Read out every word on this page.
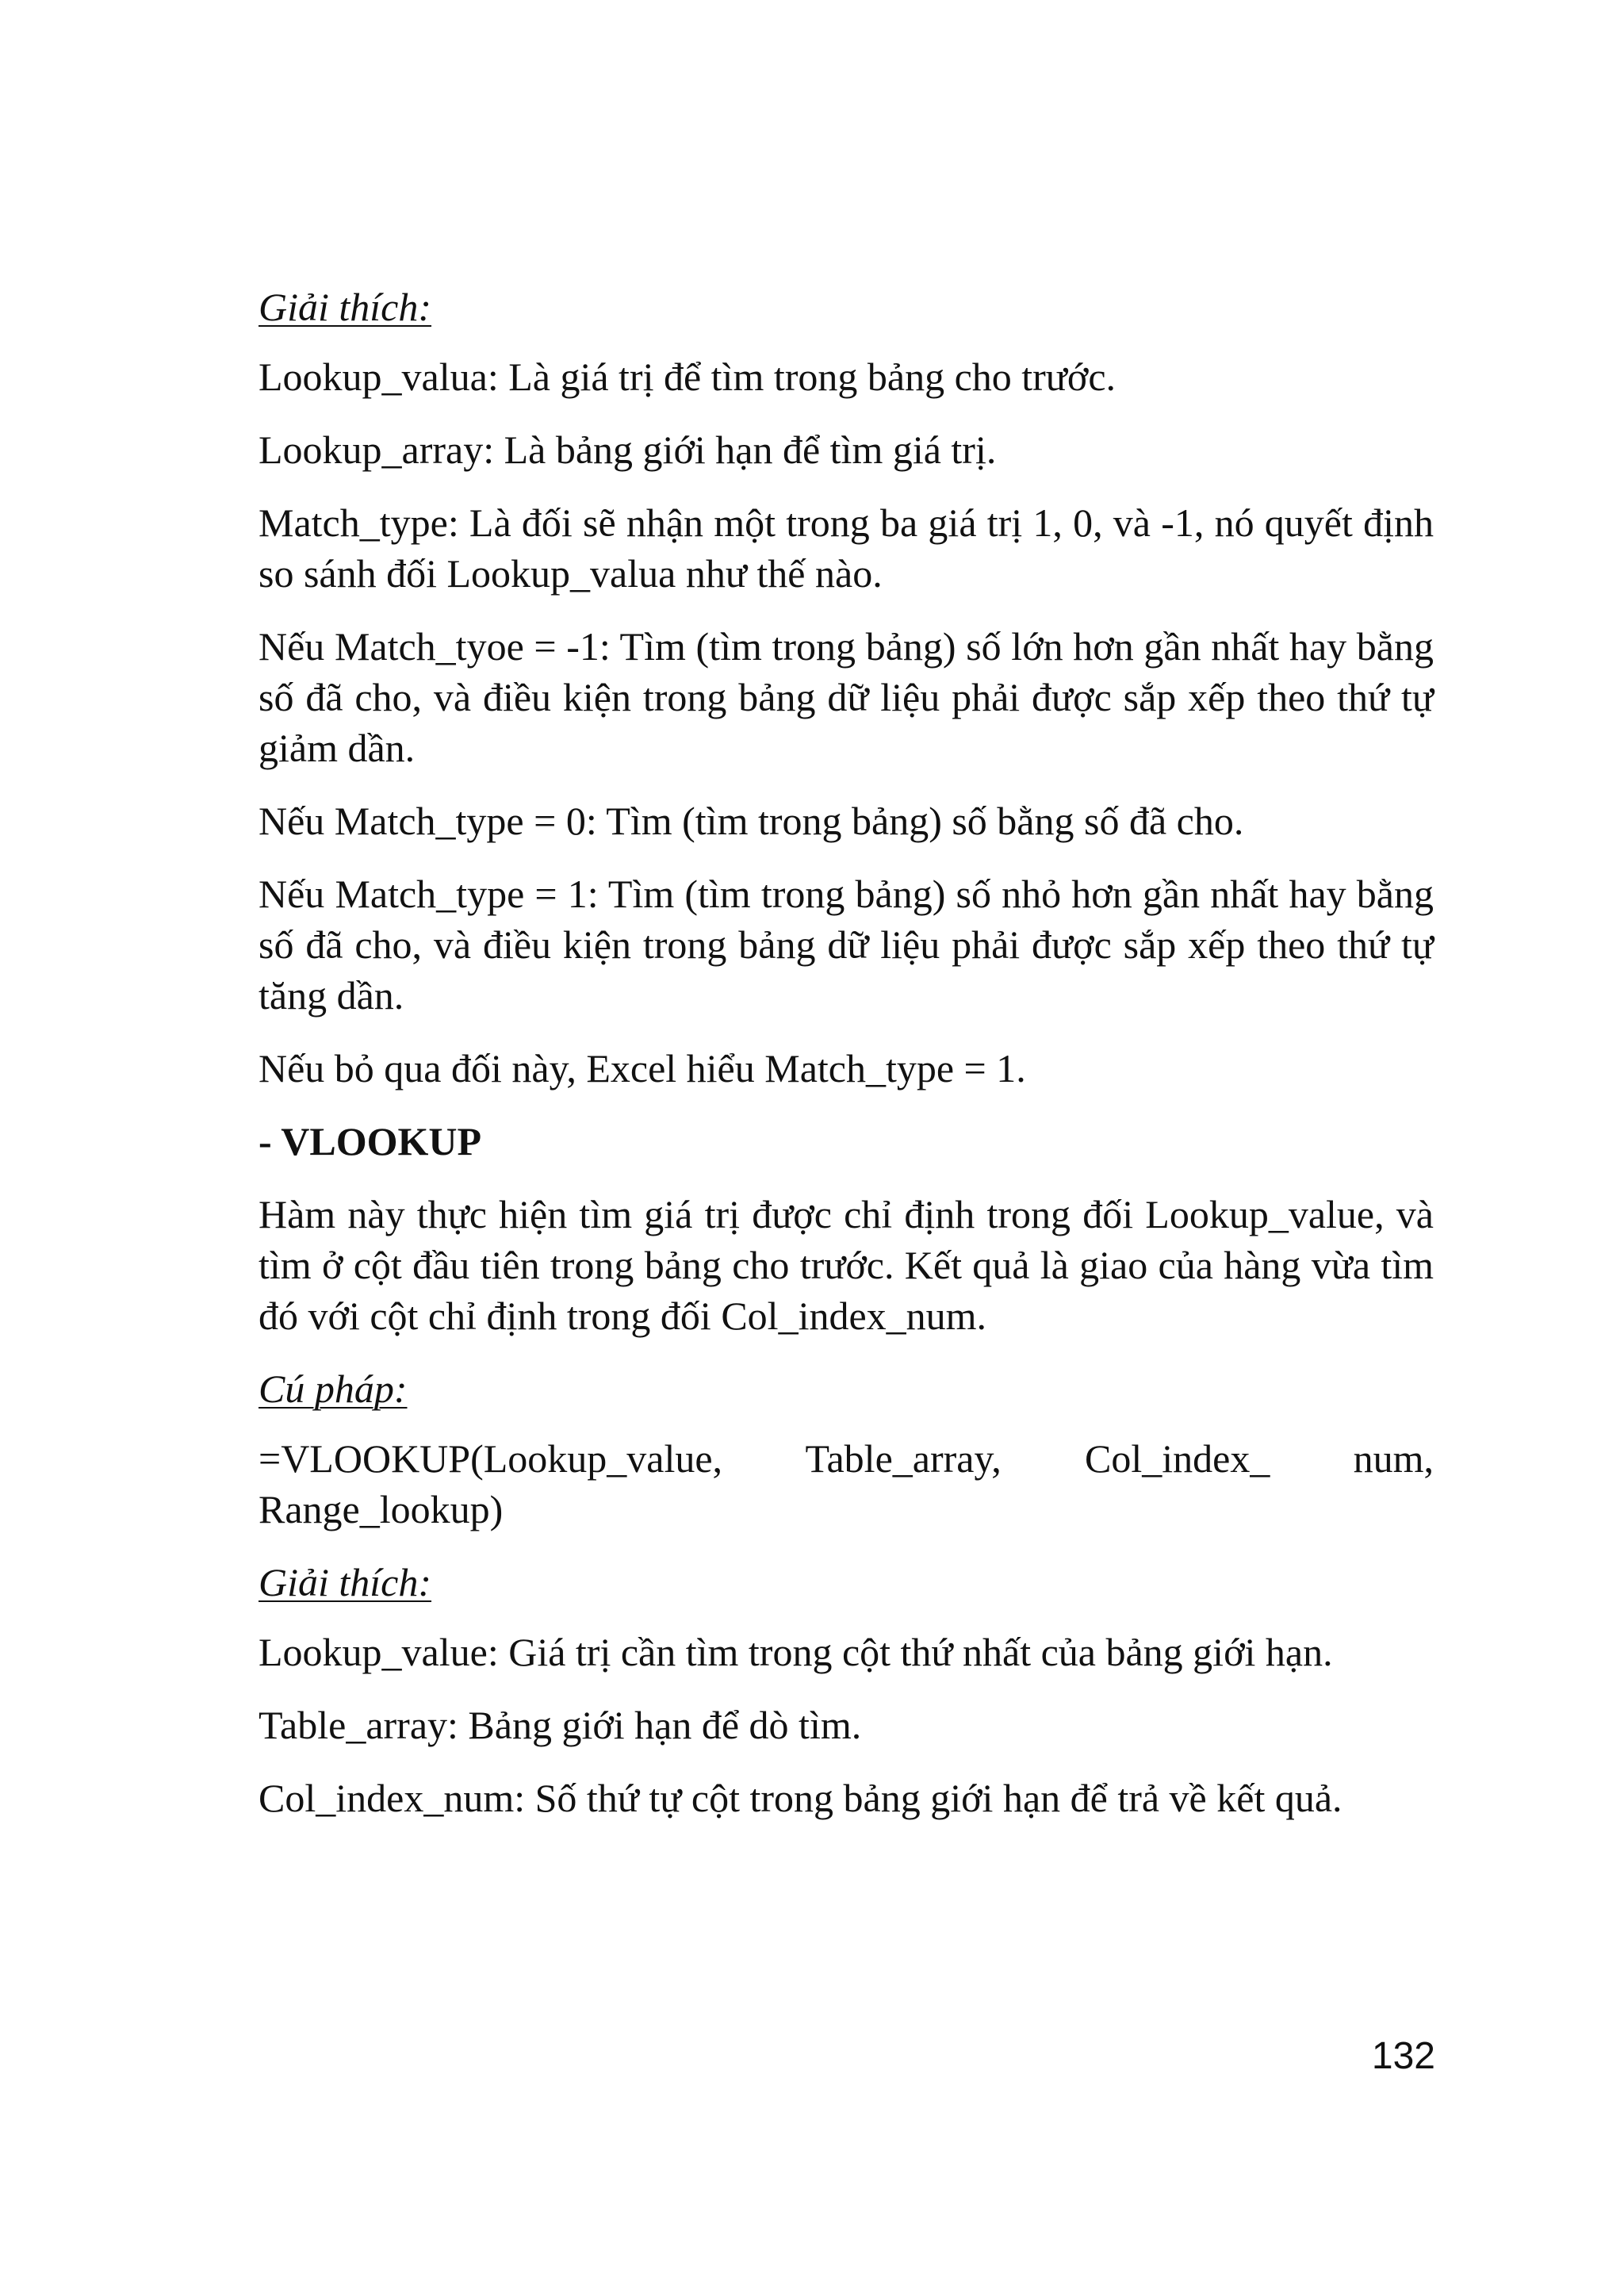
Giải thích:

Lookup_valua: Là giá trị để tìm trong bảng cho trước.

Lookup_array: Là bảng giới hạn để tìm giá trị.

Match_type: Là đối sẽ nhận một trong ba giá trị 1, 0, và -1, nó quyết định so sánh đối Lookup_valua như thế nào.

Nếu Match_tyoe = -1: Tìm (tìm trong bảng) số lớn hơn gần nhất hay bằng số đã cho, và điều kiện trong bảng dữ liệu phải được sắp xếp theo thứ tự giảm dần.

Nếu Match_type = 0: Tìm (tìm trong bảng) số bằng số đã cho.

Nếu Match_type = 1: Tìm (tìm trong bảng) số nhỏ hơn gần nhất hay bằng số đã cho, và điều kiện trong bảng dữ liệu phải được sắp xếp theo thứ tự tăng dần.

Nếu bỏ qua đối này, Excel hiểu Match_type = 1.

- VLOOKUP

Hàm này thực hiện tìm giá trị được chỉ định trong đối Lookup_value, và tìm ở cột đầu tiên trong bảng cho trước. Kết quả là giao của hàng vừa tìm đó với cột chỉ định trong đối Col_index_num.

Cú pháp:

=VLOOKUP(Lookup_value, Table_array, Col_index_ num, Range_lookup)

Giải thích:

Lookup_value: Giá trị cần tìm trong cột thứ nhất của bảng giới hạn.

Table_array: Bảng giới hạn để dò tìm.

Col_index_num: Số thứ tự cột trong bảng giới hạn để trả về kết quả.

132
